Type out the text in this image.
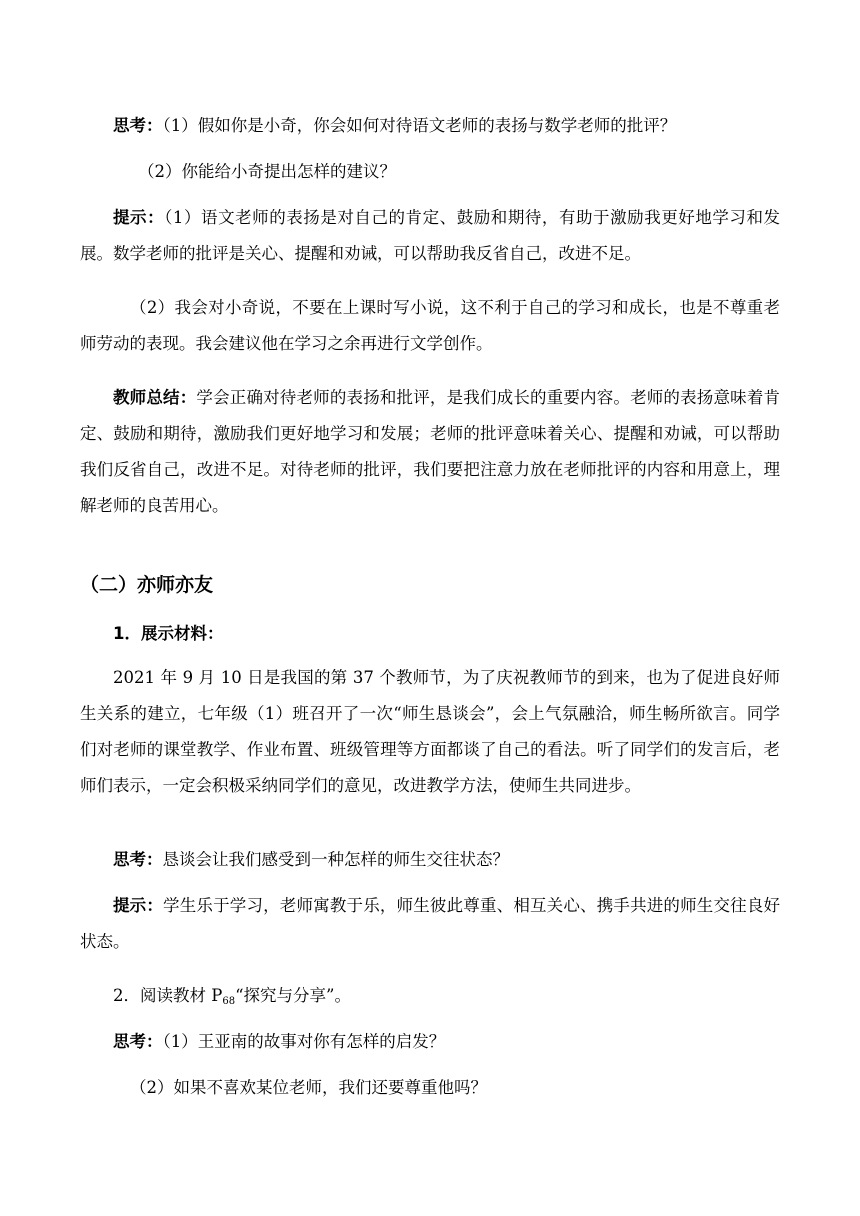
思考：（1）假如你是小奇，你会如何对待语文老师的表扬与数学老师的批评？

（2）你能给小奇提出怎样的建议？

提示：（1）语文老师的表扬是对自己的肯定、鼓励和期待，有助于激励我更好地学习和发展。数学老师的批评是关心、提醒和劝诫，可以帮助我反省自己，改进不足。

（2）我会对小奇说，不要在上课时写小说，这不利于自己的学习和成长，也是不尊重老师劳动的表现。我会建议他在学习之余再进行文学创作。

教师总结：学会正确对待老师的表扬和批评，是我们成长的重要内容。老师的表扬意味着肯定、鼓励和期待，激励我们更好地学习和发展；老师的批评意味着关心、提醒和劝诫，可以帮助我们反省自己，改进不足。对待老师的批评，我们要把注意力放在老师批评的内容和用意上，理解老师的良苦用心。

（二）亦师亦友

1．展示材料：

2021 年 9 月 10 日是我国的第 37 个教师节，为了庆祝教师节的到来，也为了促进良好师生关系的建立，七年级（1）班召开了一次“师生恳谈会”，会上气氛融洽，师生畅所欲言。同学们对老师的课堂教学、作业布置、班级管理等方面都谈了自己的看法。听了同学们的发言后，老师们表示，一定会积极采纳同学们的意见，改进教学方法，使师生共同进步。

思考：恳谈会让我们感受到一种怎样的师生交往状态？

提示：学生乐于学习，老师寓教于乐，师生彼此尊重、相互关心、携手共进的师生交往良好状态。

2．阅读教材 $P_{68}“$探究与分享”。

思考：（1）王亚南的故事对你有怎样的启发？

（2）如果不喜欢某位老师，我们还要尊重他吗？
